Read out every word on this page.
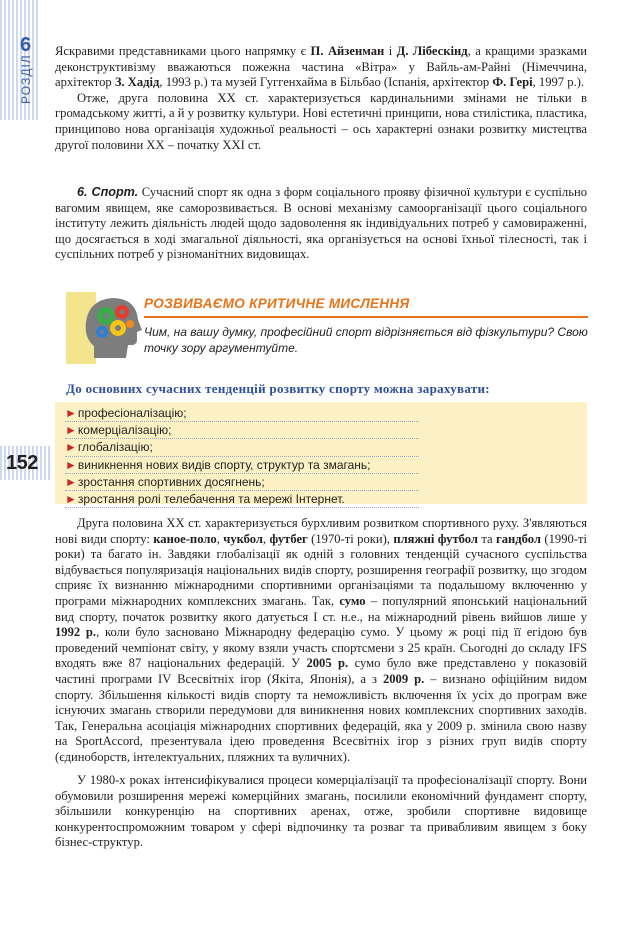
РОЗДІЛ
6
152

Яскравими представниками цього напрямку є П. Айзенман і Д. Лібескінд, а кращими зразками деконструктивізму вважаються пожежна частина «Вітра» у Вайль-ам-Райні (Німеччина, архітектор З. Хадід, 1993 р.) та музей Гуггенхайма в Більбао (Іспанія, архітектор Ф. Гері, 1997 р.).

Отже, друга половина XX ст. характеризується кардинальними змінами не тільки в громадському житті, а й у розвитку культури. Нові естетичні принципи, нова стилістика, пластика, принципово нова організація художньої реальності – ось характерні ознаки розвитку мистецтва другої половини XX – початку XXI ст.

6. Спорт. Сучасний спорт як одна з форм соціального прояву фізичної культури є суспільно вагомим явищем, яке саморозвивається. В основі механізму самоорганізації цього соціального інституту лежить діяльність людей щодо задоволення як індивідуальних потреб у самовираженні, що досягається в ході змагальної діяльності, яка організується на основі їхньої тілесності, так і суспільних потреб у різноманітних видовищах.

РОЗВИВАЄМО КРИТИЧНЕ МИСЛЕННЯ
Чим, на вашу думку, професійний спорт відрізняється від фізкультури? Свою точку зору аргументуйте.
До основних сучасних тенденцій розвитку спорту можна зарахувати:
►професіоналізацію;
►комерціалізацію;
►глобалізацію;
►виникнення нових видів спорту, структур та змагань;
►зростання спортивних досягнень;
►зростання ролі телебачення та мережі Інтернет.

Друга половина XX ст. характеризується бурхливим розвитком спортивного руху. З'являються нові види спорту: каное-поло, чукбол, футбег (1970-ті роки), пляжні футбол та гандбол (1990-ті роки) та багато ін. Завдяки глобалізації як одній з головних тенденцій сучасного суспільства відбувається популяризація національних видів спорту, розширення географії розвитку, що згодом сприяє їх визнанню міжнародними спортивними організаціями та подальшому включенню у програми міжнародних комплексних змагань. Так, сумо – популярний японський національний вид спорту, початок розвитку якого датується I ст. н.е., на міжнародний рівень вийшов лише у 1992 р., коли було засновано Міжнародну федерацію сумо. У цьому ж році під її егідою був проведений чемпіонат світу, у якому взяли участь спортсмени з 25 країн. Сьогодні до складу IFS входять вже 87 національних федерацій. У 2005 р. сумо було вже представлено у показовій частині програми IV Всесвітніх ігор (Якіта, Японія), а з 2009 р. – визнано офіційним видом спорту. Збільшення кількості видів спорту та неможливість включення їх усіх до програм вже існуючих змагань створили передумови для виникнення нових комплексних спортивних заходів. Так, Генеральна асоціація міжнародних спортивних федерацій, яка у 2009 р. змінила свою назву на SportAccord, презентувала ідею проведення Всесвітніх ігор з різних груп видів спорту (єдиноборств, інтелектуальних, пляжних та вуличних).

У 1980-х роках інтенсифікувалися процеси комерціалізації та професіоналізації спорту. Вони обумовили розширення мережі комерційних змагань, посилили економічний фундамент спорту, збільшили конкуренцію на спортивних аренах, отже, зробили спортивне видовище конкурентоспроможним товаром у сфері відпочинку та розваг та привабливим явищем з боку бізнес-структур.
